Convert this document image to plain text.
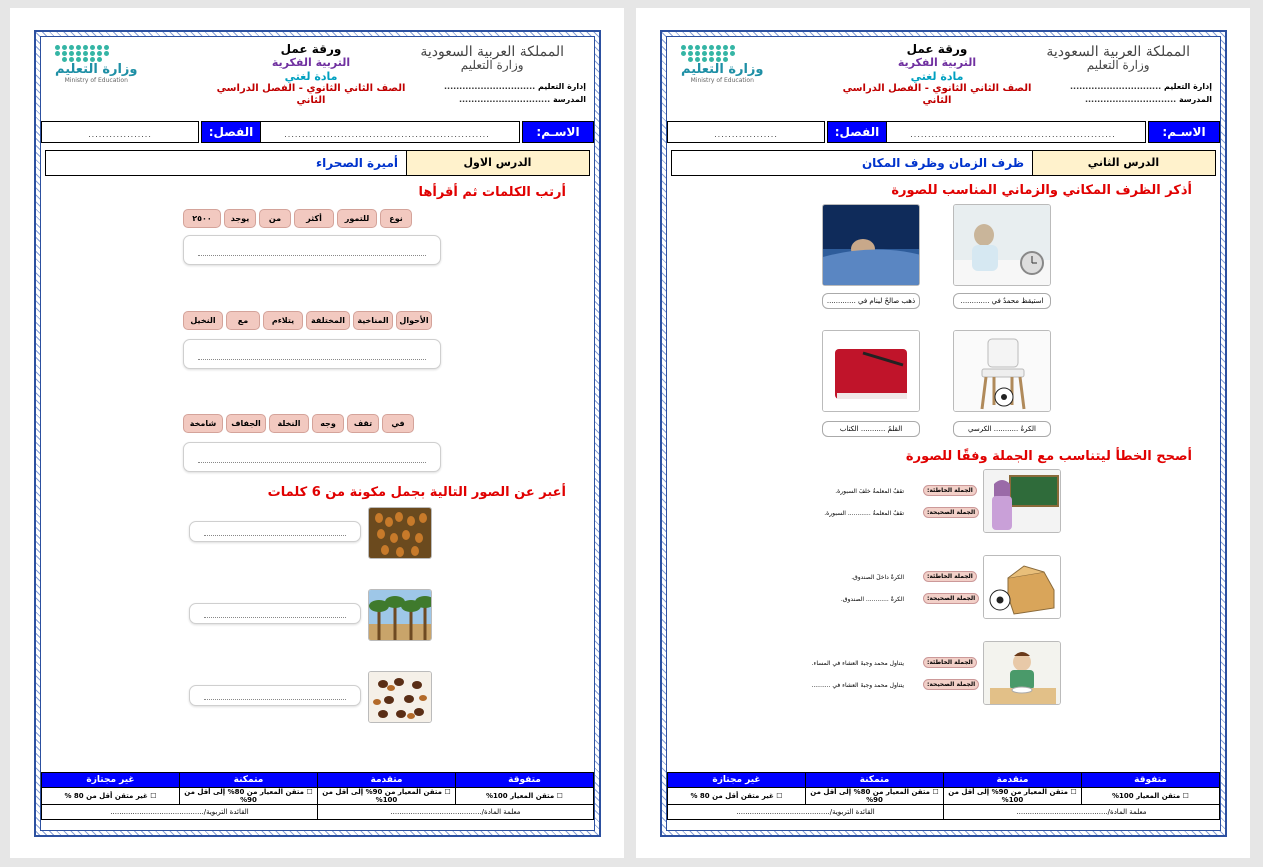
المملكة العربية السعودية
وزارة التعليم
إدارة التعليم ..............................
المدرسة ..............................
ورقة عمل
التربية الفكرية
مادة لغتي
الصف الثاني الثانوي - الفصل الدراسي الثاني
وزارة التعليم
Ministry of Education
الاسـم:
..........................................................
الفصل:
..................
الدرس الاول
أميرة الصحراء
أرتب الكلمات ثم أقرأها
٢٥٠٠	يوجد	من	أكثر	للتمور	نوع
النخيل	مع	يتلاءم	المختلفة	المناخية	الأحوال
شامخة	الجفاف	النخلة	وجه	تقف	في
أعبر عن الصور التالية بجمل مكونة من 6 كلمات
متفوقة	متقدمة	متمكنة	غير مجتازة
☐ متقن المعيار 100%	☐ متقن المعيار من 90% إلى أقل من 100%	☐ متقن المعيار من 80% إلى أقل من 90%	☐ غير متقن أقل من 80 %
معلمة المادة/.........................................		القائدة التربوية/..........................................	
المملكة العربية السعودية
وزارة التعليم
إدارة التعليم ..............................
المدرسة ..............................
ورقة عمل
التربية الفكرية
مادة لغتي
الصف الثاني الثانوي - الفصل الدراسي الثاني
وزارة التعليم
Ministry of Education
الاسـم:
..........................................................
الفصل:
..................
الدرس الثاني
ظرف الزمان وظرف المكان
أذكر الظرف المكاني والزماني المناسب للصورة
استيقظ محمدٌ في .............
ذهب صالحٌ لينام في .............
الكرةُ ........... الكرسي
القلمُ ........... الكتاب
أصحح الخطأ ليتناسب مع الجملة وفقًا للصورة
الجملة الخاطئة:
تقفُ المعلمةُ خلفَ السبورة.
الجملة الصحيحة:
تقفُ المعلمةُ ............ السبورة.
الجملة الخاطئة:
الكرةُ داخلَ الصندوق.
الجملة الصحيحة:
الكرةُ ............ الصندوق.
الجملة الخاطئة:
يتناول محمد وجبةَ العشاء في المساء.
الجملة الصحيحة:
يتناول محمد وجبةَ العشاء في ..........
متفوقة	متقدمة	متمكنة	غير مجتازة
☐ متقن المعيار 100%	☐ متقن المعيار من 90% إلى أقل من 100%	☐ متقن المعيار من 80% إلى أقل من 90%	☐ غير متقن أقل من 80 %
معلمة المادة/.........................................		القائدة التربوية/..........................................	
